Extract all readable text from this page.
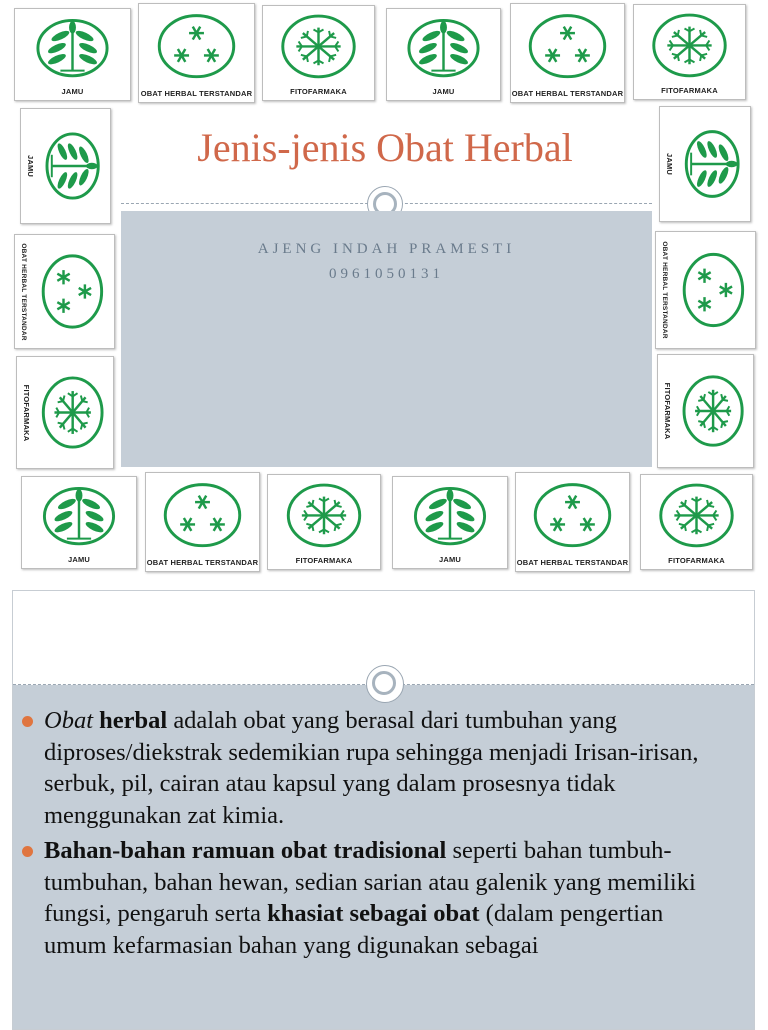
JAMU	OBAT HERBAL TERSTANDAR	FITOFARMAKA	JAMU	OBAT HERBAL TERSTANDAR	FITOFARMAKA
JAMU
OBAT HERBAL TERSTANDAR
FITOFARMAKA
JAMU
OBAT HERBAL TERSTANDAR
FITOFARMAKA
JAMU	OBAT HERBAL TERSTANDAR	FITOFARMAKA	JAMU	OBAT HERBAL TERSTANDAR	FITOFARMAKA
Jenis-jenis Obat Herbal
AJENG INDAH PRAMESTI
0961050131
Obat herbal adalah obat yang berasal dari tumbuhan yang diproses/diekstrak sedemikian rupa sehingga menjadi Irisan-irisan, serbuk, pil, cairan atau kapsul yang dalam prosesnya tidak menggunakan zat kimia.
Bahan-bahan ramuan obat tradisional seperti bahan tumbuh-tumbuhan, bahan hewan, sedian sarian atau galenik yang memiliki fungsi, pengaruh serta khasiat sebagai obat (dalam pengertian umum kefarmasian bahan yang digunakan sebagai
